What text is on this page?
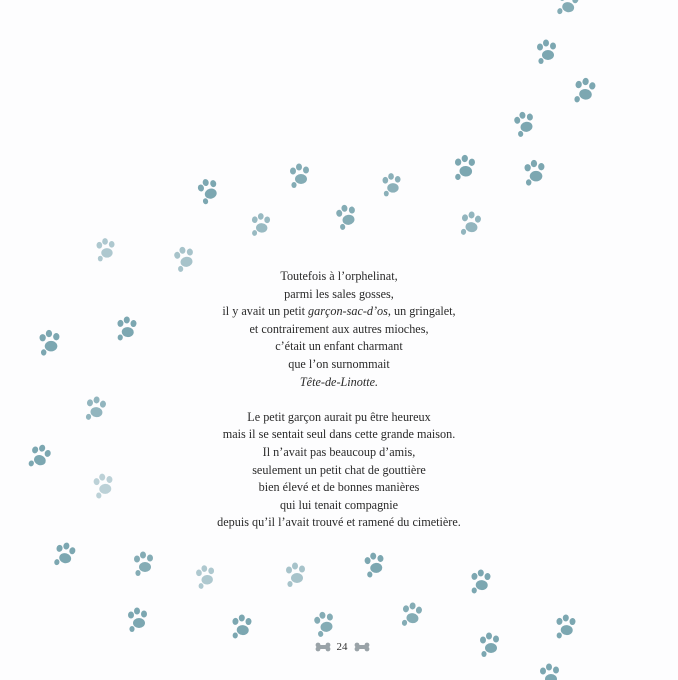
Toutefois à l’orphelinat,
parmi les sales gosses,
il y avait un petit garçon-sac-d’os, un gringalet,
et contrairement aux autres mioches,
c’était un enfant charmant
que l’on surnommait
Tête-de-Linotte.
Le petit garçon aurait pu être heureux
mais il se sentait seul dans cette grande maison.
Il n’avait pas beaucoup d’amis,
seulement un petit chat de gouttière
bien élevé et de bonnes manières
qui lui tenait compagnie
depuis qu’il l’avait trouvé et ramené du cimetière.
24
